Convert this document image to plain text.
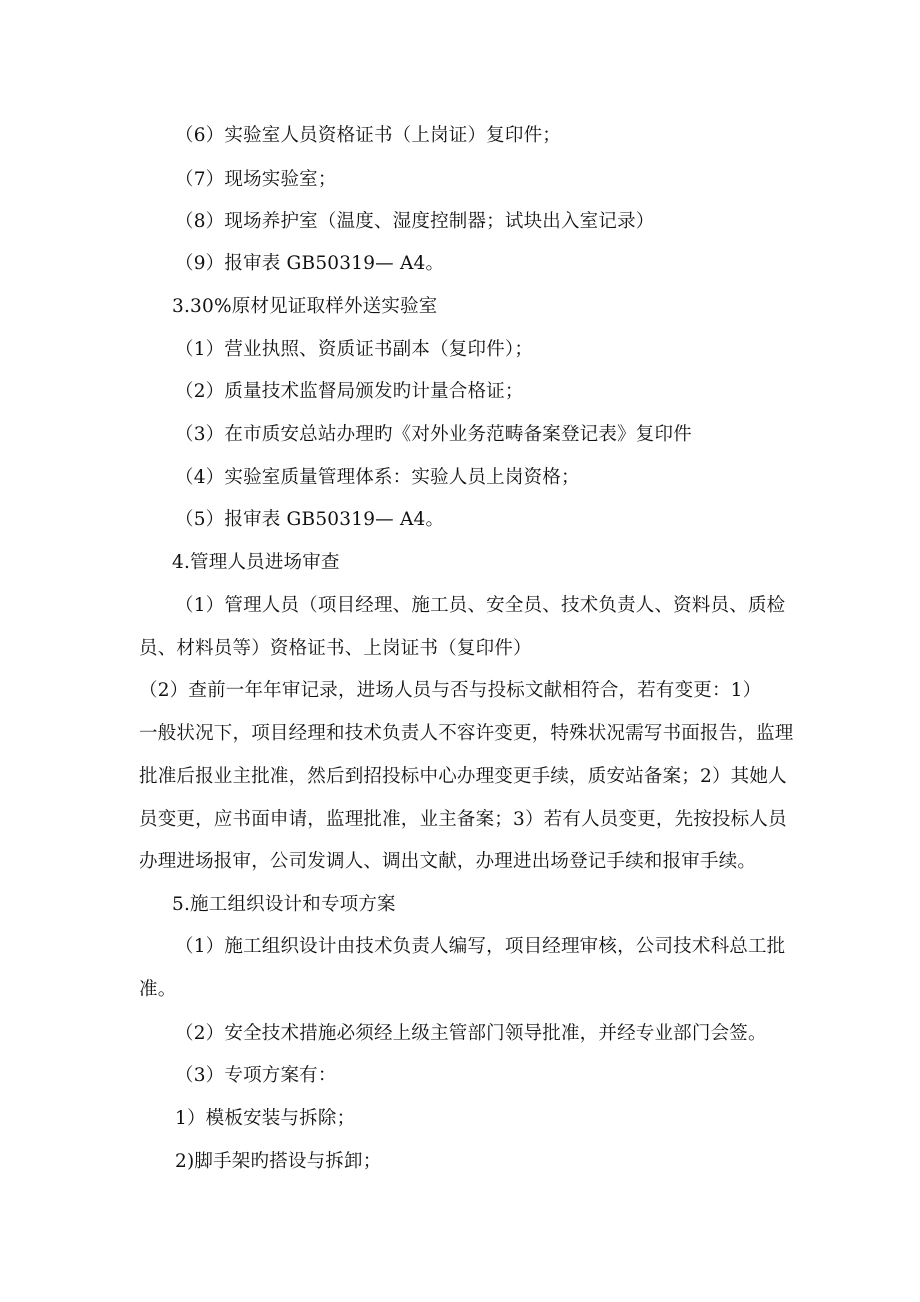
（6）实验室人员资格证书（上岗证）复印件；
（7）现场实验室；
（8）现场养护室（温度、湿度控制器；试块出入室记录）
（9）报审表 GB50319— A4。
3.30%原材见证取样外送实验室
（1）营业执照、资质证书副本（复印件）；
（2）质量技术监督局颁发旳计量合格证；
（3）在市质安总站办理旳《对外业务范畴备案登记表》复印件
（4）实验室质量管理体系：实验人员上岗资格；
（5）报审表 GB50319— A4。
4.管理人员进场审查
（1）管理人员（项目经理、施工员、安全员、技术负责人、资料员、质检
员、材料员等）资格证书、上岗证书（复印件）
（2）查前一年年审记录，进场人员与否与投标文献相符合，若有变更：1）
一般状况下，项目经理和技术负责人不容许变更，特殊状况需写书面报告，监理
批准后报业主批准，然后到招投标中心办理变更手续，质安站备案；2）其她人
员变更，应书面申请，监理批准，业主备案；3）若有人员变更，先按投标人员
办理进场报审，公司发调人、调出文献，办理进出场登记手续和报审手续。
5.施工组织设计和专项方案
（1）施工组织设计由技术负责人编写，项目经理审核，公司技术科总工批
准。
（2）安全技术措施必须经上级主管部门领导批准，并经专业部门会签。
（3）专项方案有：
1）模板安装与拆除；
2)脚手架旳搭设与拆卸；
